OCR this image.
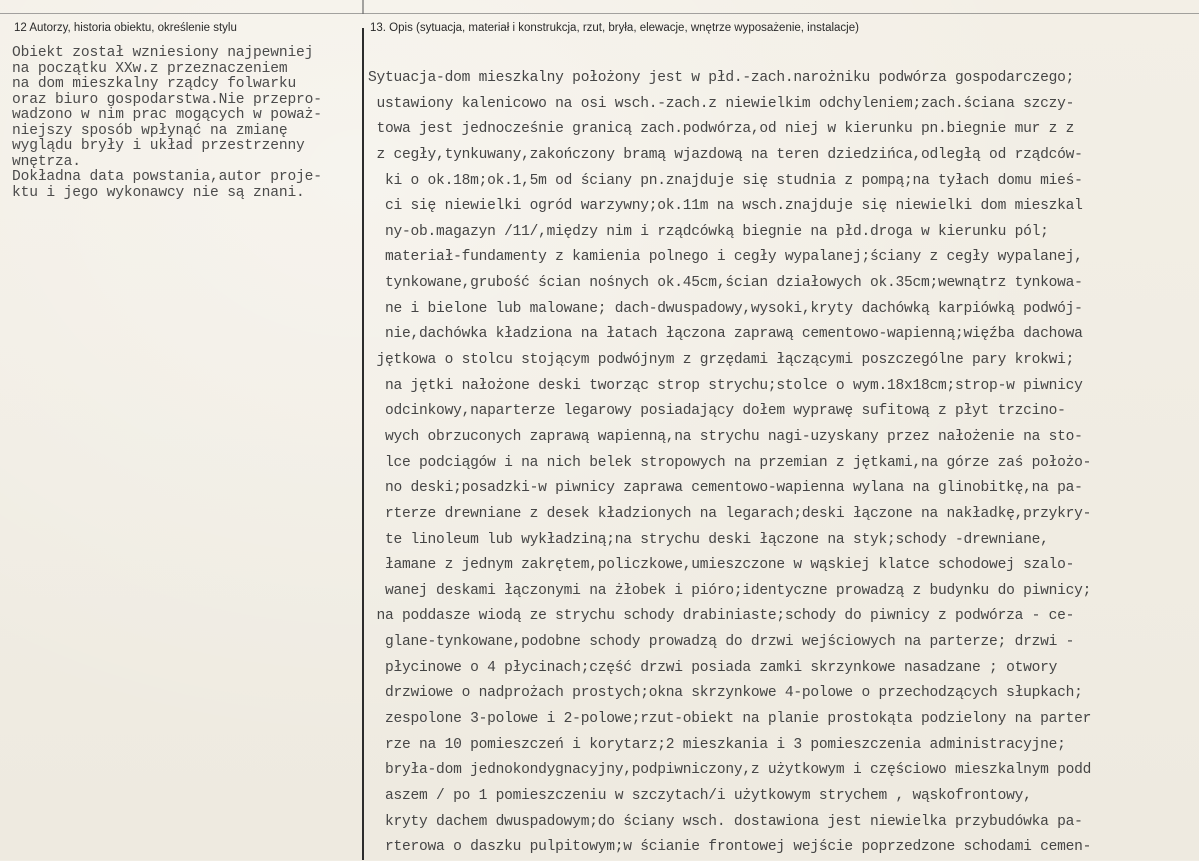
12 Autorzy, historia obiektu, określenie stylu	13. Opis (sytuacja, materiał i konstrukcja, rzut, bryła, elewacje, wnętrze wyposażenie, instalacje)
Obiekt został wzniesiony najpewniej
na początku XXw.z przeznaczeniem
na dom mieszkalny rządcy folwarku
oraz biuro gospodarstwa.Nie przepro-
wadzono w nim prac mogących w poważ-
niejszy sposób wpłynąć na zmianę
wyglądu bryły i układ przestrzenny
wnętrza.
Dokładna data powstania,autor proje-
ktu i jego wykonawcy nie są znani.
Sytuacja-dom mieszkalny położony jest w płd.-zach.narożniku podwórza gospodarczego;
ustawiony kalenicowo na osi wsch.-zach.z niewielkim odchyleniem;zach.ściana szczy-
towa jest jednocześnie granicą zach.podwórza,od niej w kierunku pn.biegnie mur z z
z cegły,tynkuwany,zakończony bramą wjazdową na teren dziedzińca,odległą od rządców-
ki o ok.18m;ok.1,5m od ściany pn.znajduje się studnia z pompą;na tyłach domu mieś-
ci się niewielki ogród warzywny;ok.11m na wsch.znajduje się niewielki dom mieszkal
ny-ob.magazyn /11/,między nim i rządcówką biegnie na płd.droga w kierunku pól;
materiał-fundamenty z kamienia polnego i cegły wypalanej;ściany z cegły wypalanej,
tynkowane,grubość ścian nośnych ok.45cm,ścian działowych ok.35cm;wewnątrz tynkowa-
ne i bielone lub malowane; dach-dwuspadowy,wysoki,kryty dachówką karpiówką podwój-
nie,dachówka kładziona na łatach łączona zaprawą cementowo-wapienną;więźba dachowa
jętkowa o stolcu stojącym podwójnym z grzędami łączącymi poszczególne pary krokwi;
na jętki nałożone deski tworząc strop strychu;stolce o wym.18x18cm;strop-w piwnicy
odcinkowy,naparterze legarowy posiadający dołem wyprawę sufitową z płyt trzcino-
wych obrzuconych zaprawą wapienną,na strychu nagi-uzyskany przez nałożenie na sto-
lce podciągów i na nich belek stropowych na przemian z jętkami,na górze zaś położo-
no deski;posadzki-w piwnicy zaprawa cementowo-wapienna wylana na glinobitkę,na pa-
rterze drewniane z desek kładzionych na legarach;deski łączone na nakładkę,przykry-
te linoleum lub wykładziną;na strychu deski łączone na styk;schody -drewniane,
łamane z jednym zakrętem,policzkowe,umieszczone w wąskiej klatce schodowej szalo-
wanej deskami łączonymi na żłobek i pióro;identyczne prowadzą z budynku do piwnicy;
na poddasze wiodą ze strychu schody drabiniaste;schody do piwnicy z podwórza - ce-
glane-tynkowane,podobne schody prowadzą do drzwi wejściowych na parterze; drzwi -
płycinowe o 4 płycinach;część drzwi posiada zamki skrzynkowe nasadzane ; otwory
drzwiowe o nadprożach prostych;okna skrzynkowe 4-polowe o przechodzących słupkach;
zespolone 3-polowe i 2-polowe;rzut-obiekt na planie prostokąta podzielony na parter
rze na 10 pomieszczeń i korytarz;2 mieszkania i 3 pomieszczenia administracyjne;
bryła-dom jednokondygnacyjny,podpiwniczony,z użytkowym i częściowo mieszkalnym podd
aszem / po 1 pomieszczeniu w szczytach/i użytkowym strychem , wąskofrontowy,
kryty dachem dwuspadowym;do ściany wsch. dostawiona jest niewielka przybudówka pa-
rterowa o daszku pulpitowym;w ścianie frontowej wejście poprzedzone schodami cemen-
